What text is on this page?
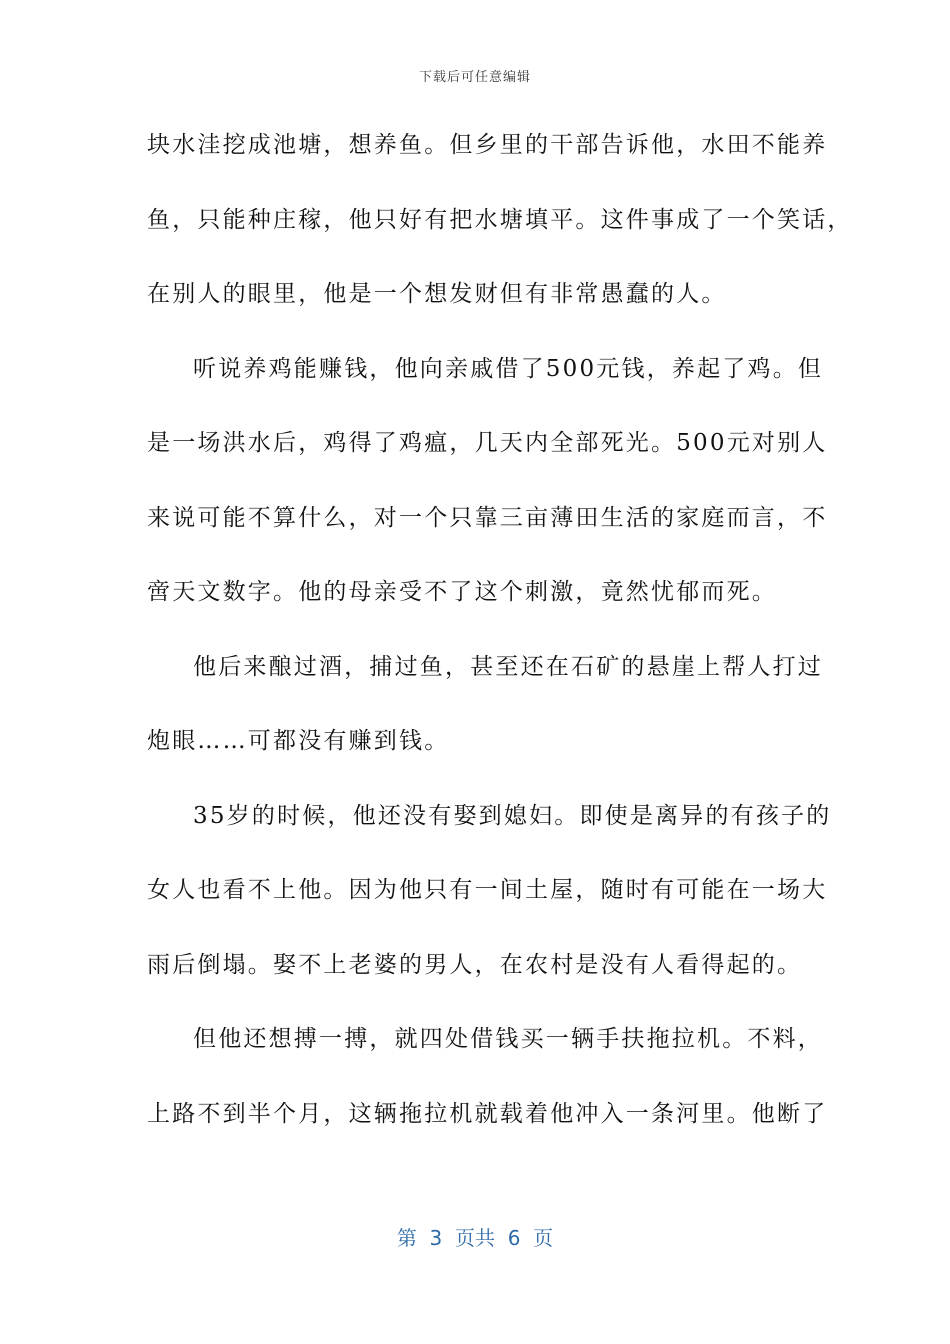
下载后可任意编辑
块水洼挖成池塘，想养鱼。但乡里的干部告诉他，水田不能养
鱼，只能种庄稼，他只好有把水塘填平。这件事成了一个笑话，
在别人的眼里，他是一个想发财但有非常愚蠢的人。
听说养鸡能赚钱，他向亲戚借了500元钱，养起了鸡。但
是一场洪水后，鸡得了鸡瘟，几天内全部死光。500元对别人
来说可能不算什么，对一个只靠三亩薄田生活的家庭而言，不
啻天文数字。他的母亲受不了这个刺激，竟然忧郁而死。
他后来酿过酒，捕过鱼，甚至还在石矿的悬崖上帮人打过
炮眼……可都没有赚到钱。
35岁的时候，他还没有娶到媳妇。即使是离异的有孩子的
女人也看不上他。因为他只有一间土屋，随时有可能在一场大
雨后倒塌。娶不上老婆的男人，在农村是没有人看得起的。
但他还想搏一搏，就四处借钱买一辆手扶拖拉机。不料，
上路不到半个月，这辆拖拉机就载着他冲入一条河里。他断了
第  3  页共  6  页
